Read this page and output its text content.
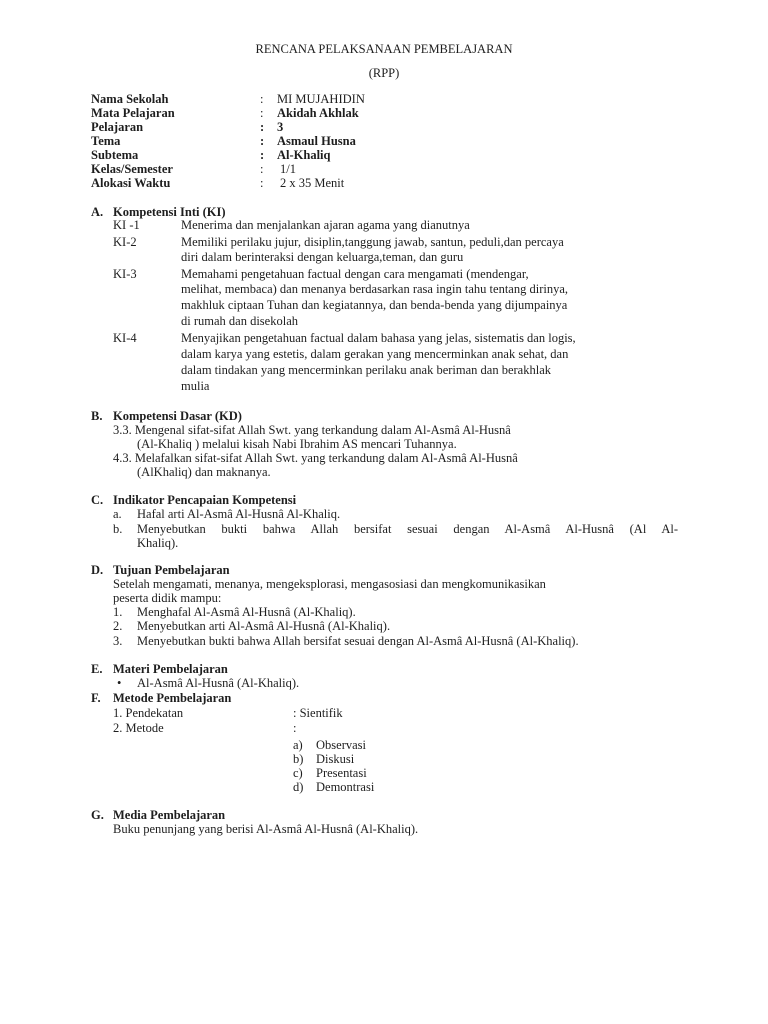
RENCANA PELAKSANAAN PEMBELAJARAN
(RPP)
Nama Sekolah	: MI MUJAHIDIN
Mata Pelajaran	: Akidah Akhlak
Pelajaran	: 3
Tema	: Asmaul Husna
Subtema	: Al-Khaliq
Kelas/Semester	: 1/1
Alokasi Waktu	: 2 x 35 Menit
A. Kompetensi Inti (KI)
KI -1	Menerima dan menjalankan ajaran agama yang dianutnya
KI-2	Memiliki perilaku jujur, disiplin,tanggung jawab, santun, peduli,dan percaya
diri dalam berinteraksi dengan keluarga,teman, dan guru
KI-3	Memahami pengetahuan factual dengan cara mengamati (mendengar,
melihat, membaca) dan menanya berdasarkan rasa ingin tahu tentang dirinya,
makhluk ciptaan Tuhan dan kegiatannya, dan benda-benda yang dijumpainya
di rumah dan disekolah
KI-4	Menyajikan pengetahuan factual dalam bahasa yang jelas, sistematis dan logis,
dalam karya yang estetis, dalam gerakan yang mencerminkan anak sehat, dan
dalam tindakan yang mencerminkan perilaku anak beriman dan berakhlak
mulia
B. Kompetensi Dasar (KD)
3.3. Mengenal sifat-sifat Allah Swt. yang terkandung dalam Al-Asmâ Al-Husnâ
(Al-Khaliq ) melalui kisah Nabi Ibrahim AS mencari Tuhannya.
4.3. Melafalkan sifat-sifat Allah Swt. yang terkandung dalam Al-Asmâ Al-Husnâ
(AlKhaliq) dan maknanya.
C. Indikator Pencapaian Kompetensi
a. Hafal arti Al-Asmâ Al-Husnâ Al-Khaliq.
b. Menyebutkan bukti bahwa Allah bersifat sesuai dengan Al-Asmâ Al-Husnâ (Al Al-
Khaliq).
D. Tujuan Pembelajaran
Setelah mengamati, menanya, mengeksplorasi, mengasosiasi dan mengkomunikasikan
peserta didik mampu:
1. Menghafal Al-Asmâ Al-Husnâ (Al-Khaliq).
2. Menyebutkan arti Al-Asmâ Al-Husnâ (Al-Khaliq).
3. Menyebutkan bukti bahwa Allah bersifat sesuai dengan Al-Asmâ Al-Husnâ (Al-Khaliq).
E. Materi Pembelajaran
• Al-Asmâ Al-Husnâ (Al-Khaliq).
F. Metode Pembelajaran
1. Pendekatan	: Sientifik
2. Metode	:
a) Observasi
b) Diskusi
c) Presentasi
d) Demontrasi
G. Media Pembelajaran
Buku penunjang yang berisi Al-Asmâ Al-Husnâ (Al-Khaliq).
